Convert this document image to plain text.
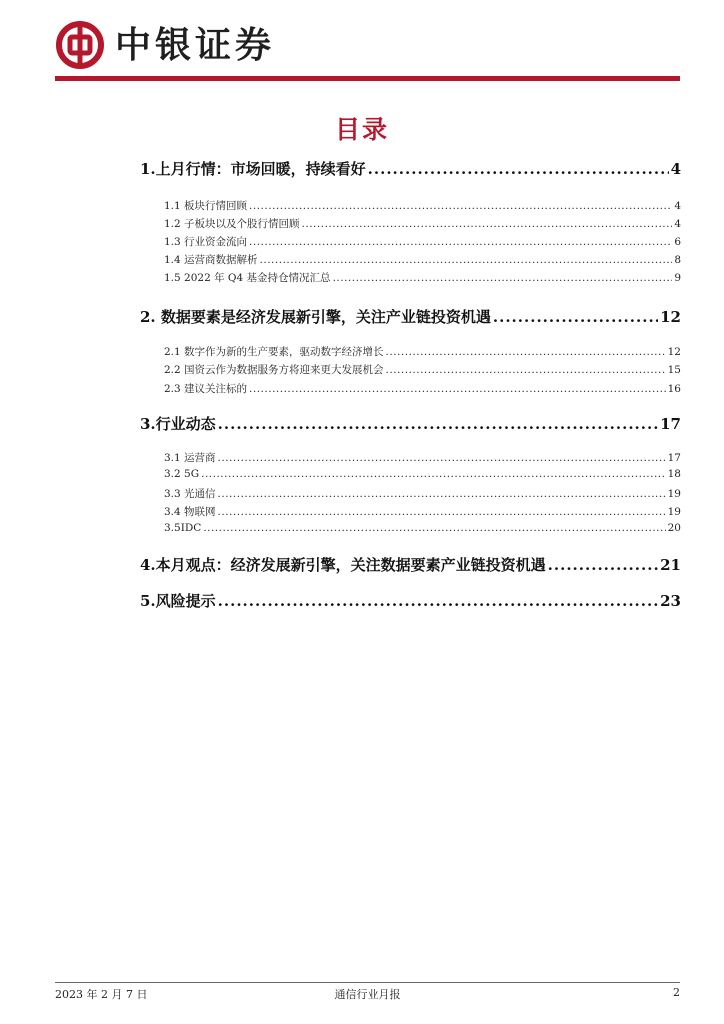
中银证券
目录
1.上月行情：市场回暖，持续看好 .....	4
1.1 板块行情回顾 .....	4
1.2 子板块以及个股行情回顾 .....	4
1.3 行业资金流向 .....	6
1.4 运营商数据解析 .....	8
1.5 2022 年 Q4 基金持仓情况汇总 .....	9
2. 数据要素是经济发展新引擎，关注产业链投资机遇 .....	12
2.1 数字作为新的生产要素，驱动数字经济增长 .....	12
2.2 国资云作为数据服务方将迎来更大发展机会 .....	15
2.3 建议关注标的 .....	16
3.行业动态 .....	17
3.1 运营商 .....	17
3.2 5G .....	18
3.3 光通信 .....	19
3.4 物联网 .....	19
3.5IDC .....	20
4.本月观点：经济发展新引擎，关注数据要素产业链投资机遇 .....	21
5.风险提示 .....	23
2023 年 2 月 7 日	通信行业月报	2
